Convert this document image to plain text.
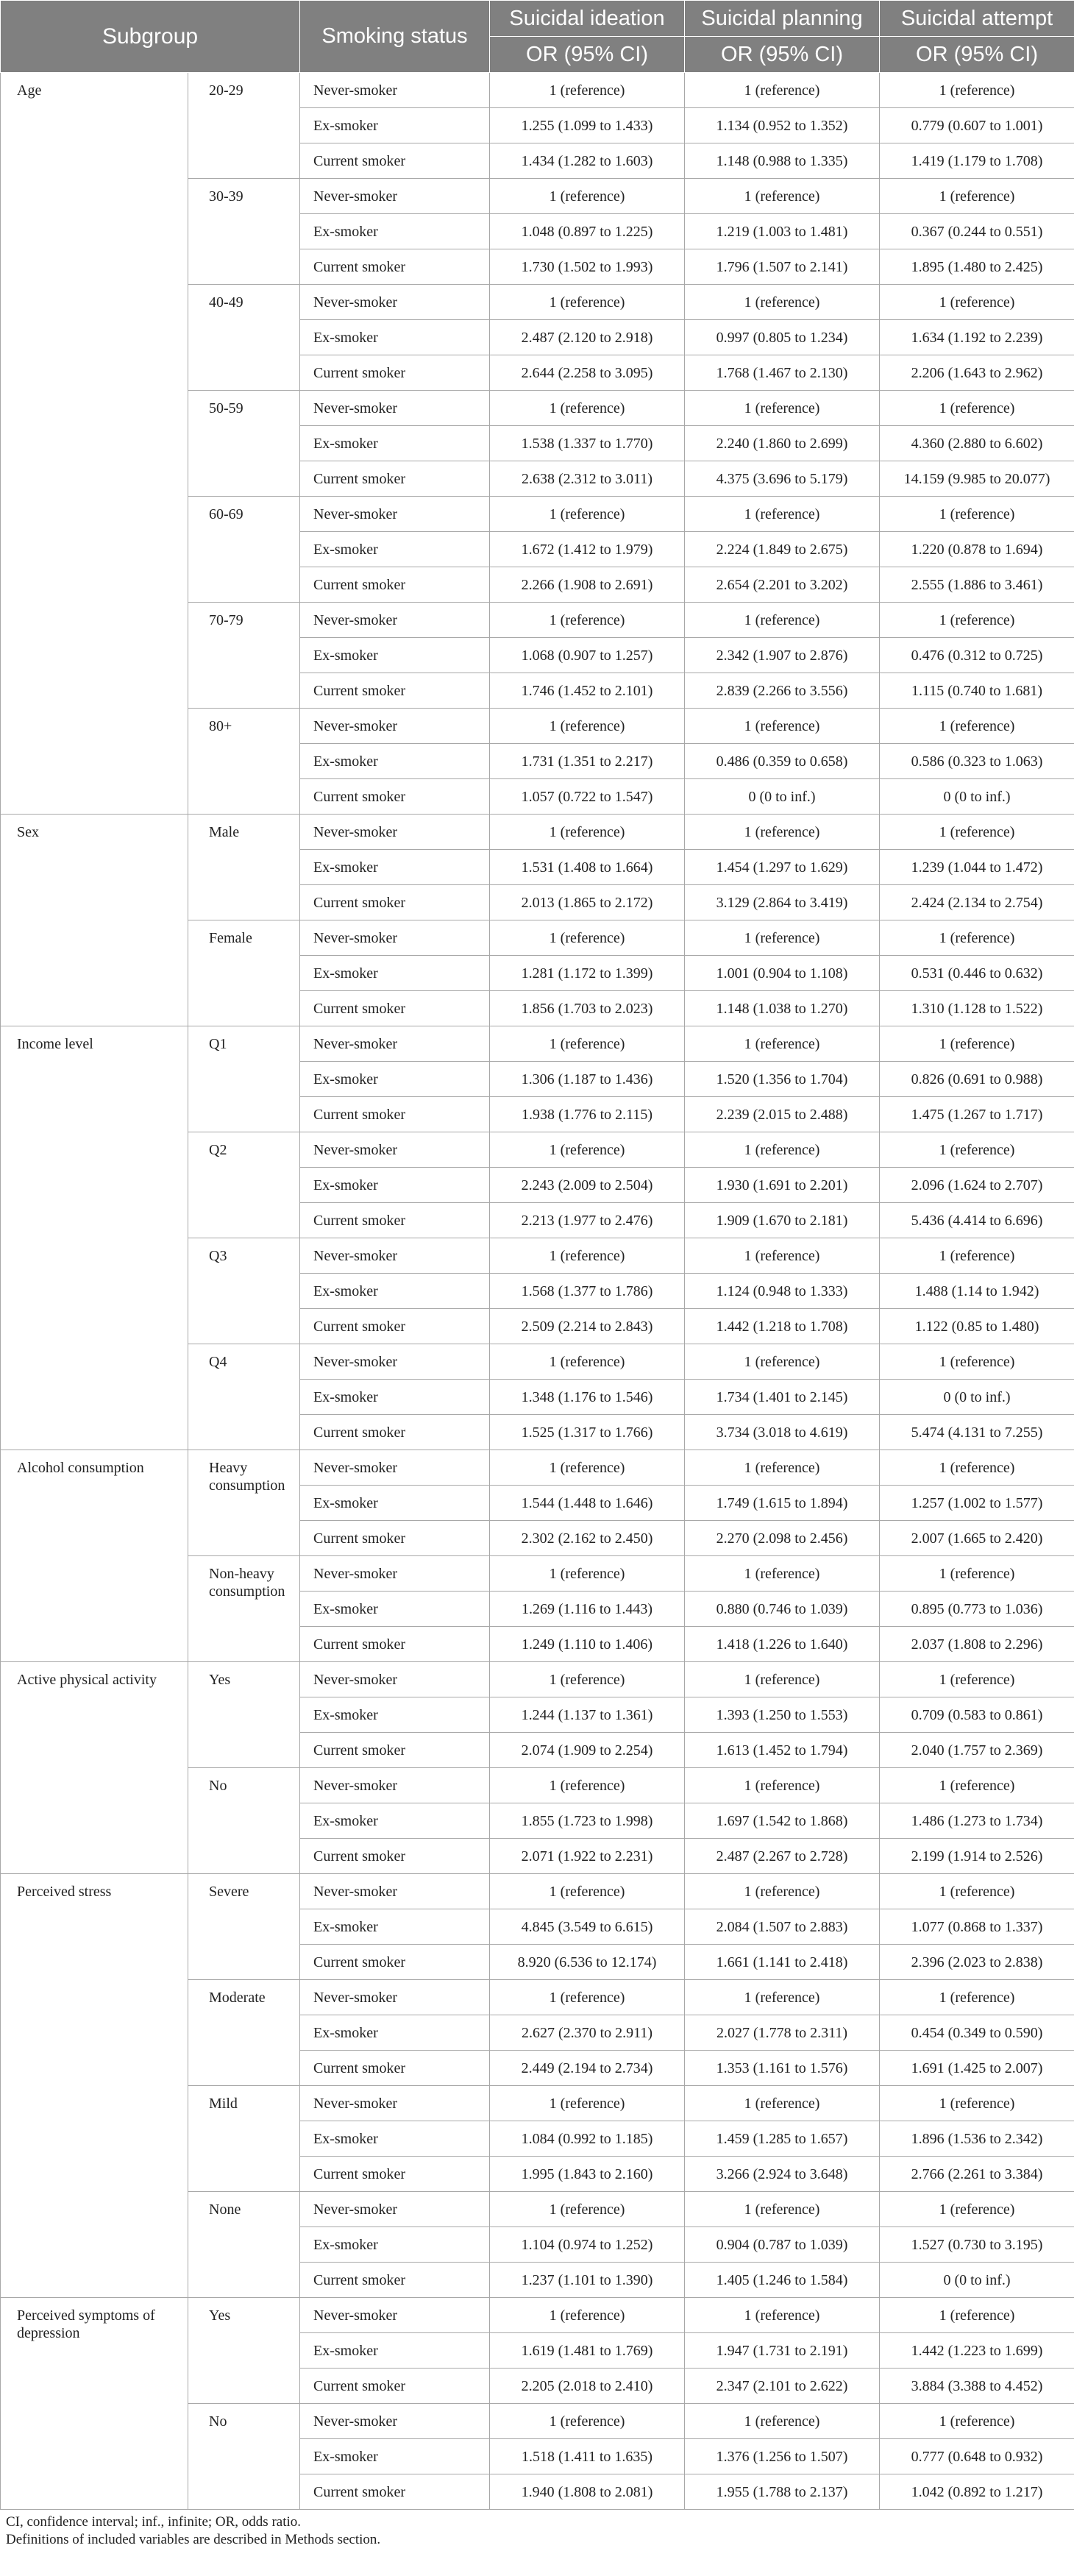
Subgroup		Smoking status	Suicidal ideation	Suicidal planning	Suicidal attempt
			OR (95% CI)	OR (95% CI)	OR (95% CI)
Age	20-29	Never-smoker	1 (reference)	1 (reference)	1 (reference)
		Ex-smoker	1.255 (1.099 to 1.433)	1.134 (0.952 to 1.352)	0.779 (0.607 to 1.001)
		Current smoker	1.434 (1.282 to 1.603)	1.148 (0.988 to 1.335)	1.419 (1.179 to 1.708)
	30-39	Never-smoker	1 (reference)	1 (reference)	1 (reference)
		Ex-smoker	1.048 (0.897 to 1.225)	1.219 (1.003 to 1.481)	0.367 (0.244 to 0.551)
		Current smoker	1.730 (1.502 to 1.993)	1.796 (1.507 to 2.141)	1.895 (1.480 to 2.425)
	40-49	Never-smoker	1 (reference)	1 (reference)	1 (reference)
		Ex-smoker	2.487 (2.120 to 2.918)	0.997 (0.805 to 1.234)	1.634 (1.192 to 2.239)
		Current smoker	2.644 (2.258 to 3.095)	1.768 (1.467 to 2.130)	2.206 (1.643 to 2.962)
	50-59	Never-smoker	1 (reference)	1 (reference)	1 (reference)
		Ex-smoker	1.538 (1.337 to 1.770)	2.240 (1.860 to 2.699)	4.360 (2.880 to 6.602)
		Current smoker	2.638 (2.312 to 3.011)	4.375 (3.696 to 5.179)	14.159 (9.985 to 20.077)
	60-69	Never-smoker	1 (reference)	1 (reference)	1 (reference)
		Ex-smoker	1.672 (1.412 to 1.979)	2.224 (1.849 to 2.675)	1.220 (0.878 to 1.694)
		Current smoker	2.266 (1.908 to 2.691)	2.654 (2.201 to 3.202)	2.555 (1.886 to 3.461)
	70-79	Never-smoker	1 (reference)	1 (reference)	1 (reference)
		Ex-smoker	1.068 (0.907 to 1.257)	2.342 (1.907 to 2.876)	0.476 (0.312 to 0.725)
		Current smoker	1.746 (1.452 to 2.101)	2.839 (2.266 to 3.556)	1.115 (0.740 to 1.681)
	80+	Never-smoker	1 (reference)	1 (reference)	1 (reference)
		Ex-smoker	1.731 (1.351 to 2.217)	0.486 (0.359 to 0.658)	0.586 (0.323 to 1.063)
		Current smoker	1.057 (0.722 to 1.547)	0 (0 to inf.)	0 (0 to inf.)
Sex	Male	Never-smoker	1 (reference)	1 (reference)	1 (reference)
		Ex-smoker	1.531 (1.408 to 1.664)	1.454 (1.297 to 1.629)	1.239 (1.044 to 1.472)
		Current smoker	2.013 (1.865 to 2.172)	3.129 (2.864 to 3.419)	2.424 (2.134 to 2.754)
	Female	Never-smoker	1 (reference)	1 (reference)	1 (reference)
		Ex-smoker	1.281 (1.172 to 1.399)	1.001 (0.904 to 1.108)	0.531 (0.446 to 0.632)
		Current smoker	1.856 (1.703 to 2.023)	1.148 (1.038 to 1.270)	1.310 (1.128 to 1.522)
Income level	Q1	Never-smoker	1 (reference)	1 (reference)	1 (reference)
		Ex-smoker	1.306 (1.187 to 1.436)	1.520 (1.356 to 1.704)	0.826 (0.691 to 0.988)
		Current smoker	1.938 (1.776 to 2.115)	2.239 (2.015 to 2.488)	1.475 (1.267 to 1.717)
	Q2	Never-smoker	1 (reference)	1 (reference)	1 (reference)
		Ex-smoker	2.243 (2.009 to 2.504)	1.930 (1.691 to 2.201)	2.096 (1.624 to 2.707)
		Current smoker	2.213 (1.977 to 2.476)	1.909 (1.670 to 2.181)	5.436 (4.414 to 6.696)
	Q3	Never-smoker	1 (reference)	1 (reference)	1 (reference)
		Ex-smoker	1.568 (1.377 to 1.786)	1.124 (0.948 to 1.333)	1.488 (1.14 to 1.942)
		Current smoker	2.509 (2.214 to 2.843)	1.442 (1.218 to 1.708)	1.122 (0.85 to 1.480)
	Q4	Never-smoker	1 (reference)	1 (reference)	1 (reference)
		Ex-smoker	1.348 (1.176 to 1.546)	1.734 (1.401 to 2.145)	0 (0 to inf.)
		Current smoker	1.525 (1.317 to 1.766)	3.734 (3.018 to 4.619)	5.474 (4.131 to 7.255)
Alcohol consumption	Heavy consumption	Never-smoker	1 (reference)	1 (reference)	1 (reference)
		Ex-smoker	1.544 (1.448 to 1.646)	1.749 (1.615 to 1.894)	1.257 (1.002 to 1.577)
		Current smoker	2.302 (2.162 to 2.450)	2.270 (2.098 to 2.456)	2.007 (1.665 to 2.420)
	Non-heavy consumption	Never-smoker	1 (reference)	1 (reference)	1 (reference)
		Ex-smoker	1.269 (1.116 to 1.443)	0.880 (0.746 to 1.039)	0.895 (0.773 to 1.036)
		Current smoker	1.249 (1.110 to 1.406)	1.418 (1.226 to 1.640)	2.037 (1.808 to 2.296)
Active physical activity	Yes	Never-smoker	1 (reference)	1 (reference)	1 (reference)
		Ex-smoker	1.244 (1.137 to 1.361)	1.393 (1.250 to 1.553)	0.709 (0.583 to 0.861)
		Current smoker	2.074 (1.909 to 2.254)	1.613 (1.452 to 1.794)	2.040 (1.757 to 2.369)
	No	Never-smoker	1 (reference)	1 (reference)	1 (reference)
		Ex-smoker	1.855 (1.723 to 1.998)	1.697 (1.542 to 1.868)	1.486 (1.273 to 1.734)
		Current smoker	2.071 (1.922 to 2.231)	2.487 (2.267 to 2.728)	2.199 (1.914 to 2.526)
Perceived stress	Severe	Never-smoker	1 (reference)	1 (reference)	1 (reference)
		Ex-smoker	4.845 (3.549 to 6.615)	2.084 (1.507 to 2.883)	1.077 (0.868 to 1.337)
		Current smoker	8.920 (6.536 to 12.174)	1.661 (1.141 to 2.418)	2.396 (2.023 to 2.838)
	Moderate	Never-smoker	1 (reference)	1 (reference)	1 (reference)
		Ex-smoker	2.627 (2.370 to 2.911)	2.027 (1.778 to 2.311)	0.454 (0.349 to 0.590)
		Current smoker	2.449 (2.194 to 2.734)	1.353 (1.161 to 1.576)	1.691 (1.425 to 2.007)
	Mild	Never-smoker	1 (reference)	1 (reference)	1 (reference)
		Ex-smoker	1.084 (0.992 to 1.185)	1.459 (1.285 to 1.657)	1.896 (1.536 to 2.342)
		Current smoker	1.995 (1.843 to 2.160)	3.266 (2.924 to 3.648)	2.766 (2.261 to 3.384)
	None	Never-smoker	1 (reference)	1 (reference)	1 (reference)
		Ex-smoker	1.104 (0.974 to 1.252)	0.904 (0.787 to 1.039)	1.527 (0.730 to 3.195)
		Current smoker	1.237 (1.101 to 1.390)	1.405 (1.246 to 1.584)	0 (0 to inf.)
Perceived symptoms of depression	Yes	Never-smoker	1 (reference)	1 (reference)	1 (reference)
		Ex-smoker	1.619 (1.481 to 1.769)	1.947 (1.731 to 2.191)	1.442 (1.223 to 1.699)
		Current smoker	2.205 (2.018 to 2.410)	2.347 (2.101 to 2.622)	3.884 (3.388 to 4.452)
	No	Never-smoker	1 (reference)	1 (reference)	1 (reference)
		Ex-smoker	1.518 (1.411 to 1.635)	1.376 (1.256 to 1.507)	0.777 (0.648 to 0.932)
		Current smoker	1.940 (1.808 to 2.081)	1.955 (1.788 to 2.137)	1.042 (0.892 to 1.217)
CI, confidence interval; inf., infinite; OR, odds ratio.
Definitions of included variables are described in Methods section.
